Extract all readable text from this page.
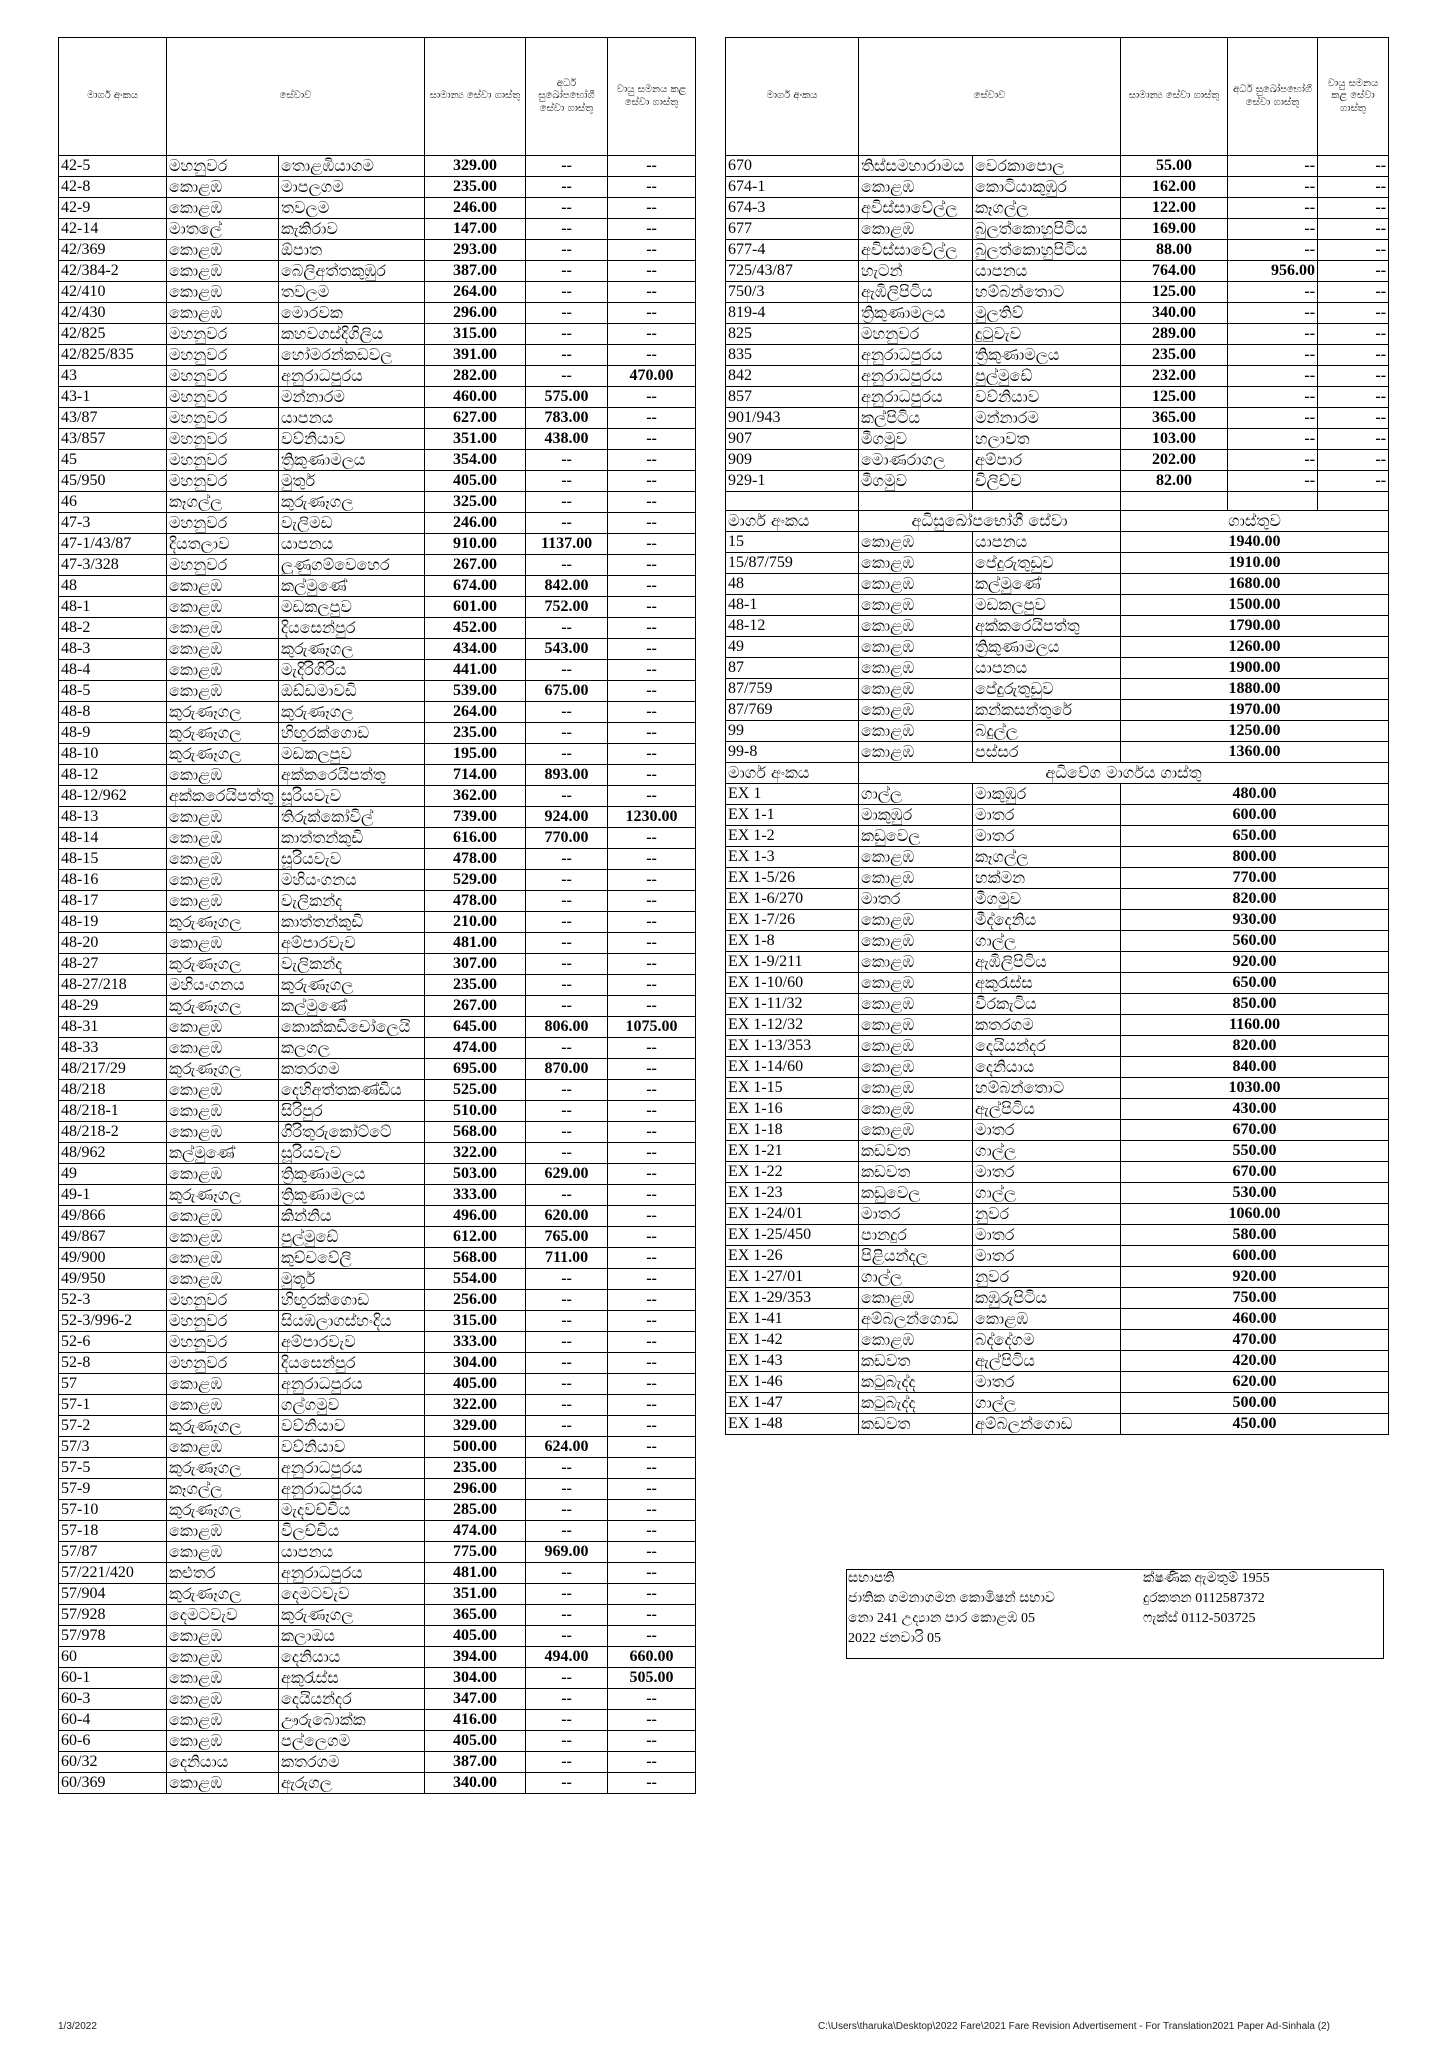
මාර්ග අංකය	සේවාව		සාමාන්‍ය සේවා ගාස්තු	අර්ධ සුඛෝපභෝගී සේවා ගාස්තු	වායු සමනය කළ සේවා ගාස්තු
42-5	මහනුවර	තොළඹියාගම	329.00	--	--
42-8	කොළඹ	මාපලගම	235.00	--	--
42-9	කොළඹ	තවලම	246.00	--	--
42-14	මාතලේ	කැකිරාව	147.00	--	--
42/369	කොළඹ	ඕපාත	293.00	--	--
42/384-2	කොළඹ	බෙලිඅත්තකුඹුර	387.00	--	--
42/410	කොළඹ	තවලම	264.00	--	--
42/430	කොළඹ	මොරවක	296.00	--	--
42/825	මහනුවර	කහවගස්දිගිලිය	315.00	--	--
42/825/835	මහනුවර	හෝමරන්කඩවල	391.00	--	--
43	මහනුවර	අනුරාධපුරය	282.00	--	470.00
43-1	මහනුවර	මන්නාරම	460.00	575.00	--
43/87	මහනුවර	යාපනය	627.00	783.00	--
43/857	මහනුවර	වව්නියාව	351.00	438.00	--
45	මහනුවර	ත්‍රිකුණාමලය	354.00	--	--
45/950	මහනුවර	මුතුර්	405.00	--	--
46	කෑගල්ල	කුරුණෑගල	325.00	--	--
47-3	මහනුවර	වැලිමඩ	246.00	--	--
47-1/43/87	දියතලාව	යාපනය	910.00	1137.00	--
47-3/328	මහනුවර	ලුණුගම්වෙහෙර	267.00	--	--
48	කොළඹ	කල්මුණේ	674.00	842.00	--
48-1	කොළඹ	මඩකලපුව	601.00	752.00	--
48-2	කොළඹ	දියසෙන්පුර	452.00	--	--
48-3	කොළඹ	කුරුණෑගල	434.00	543.00	--
48-4	කොළඹ	මැදිරිගිරිය	441.00	--	--
48-5	කොළඹ	ඔඩ්ඩමාවඩි	539.00	675.00	--
48-8	කුරුණෑගල	කුරුණෑගල	264.00	--	--
48-9	කුරුණෑගල	හිඟුරක්ගොඩ	235.00	--	--
48-10	කුරුණෑගල	මඩකලපුව	195.00	--	--
48-12	කොළඹ	අක්කරෙයිපත්තු	714.00	893.00	--
48-12/962	අක්කරෙයිපත්තු	සූරියවැව	362.00	--	--
48-13	කොළඹ	තිරුක්කෝවිල්	739.00	924.00	1230.00
48-14	කොළඹ	කාත්තන්කුඩි	616.00	770.00	--
48-15	කොළඹ	සූරියවැව	478.00	--	--
48-16	කොළඹ	මහියංගනය	529.00	--	--
48-17	කොළඹ	වැලිකන්ද	478.00	--	--
48-19	කුරුණෑගල	කාත්තන්කුඩි	210.00	--	--
48-20	කොළඹ	අම්පාරවැව	481.00	--	--
48-27	කුරුණෑගල	වැලිකන්ද	307.00	--	--
48-27/218	මහියංගනය	කුරුණෑගල	235.00	--	--
48-29	කුරුණෑගල	කල්මුණේ	267.00	--	--
48-31	කොළඹ	කොක්කඩිචෝලෙයි	645.00	806.00	1075.00
48-33	කොළඹ	කලගල	474.00	--	--
48/217/29	කුරුණෑගල	කතරගම	695.00	870.00	--
48/218	කොළඹ	දෙහිඅත්තකණ්ඩිය	525.00	--	--
48/218-1	කොළඹ	සිරිපුර	510.00	--	--
48/218-2	කොළඹ	ගිරිතුරුකෝට්ටේ	568.00	--	--
48/962	කල්මුණේ	සූරියවැව	322.00	--	--
49	කොළඹ	ත්‍රිකුණාමලය	503.00	629.00	--
49-1	කුරුණෑගල	ත්‍රිකුණාමලය	333.00	--	--
49/866	කොළඹ	කින්නිය	496.00	620.00	--
49/867	කොළඹ	පුල්මුඩේ	612.00	765.00	--
49/900	කොළඹ	කුච්චවේලි	568.00	711.00	--
49/950	කොළඹ	මුතූර්	554.00	--	--
52-3	මහනුවර	හිඟුරක්ගොඩ	256.00	--	--
52-3/996-2	මහනුවර	සියඹලාගස්හංදිය	315.00	--	--
52-6	මහනුවර	අම්පාරවැව	333.00	--	--
52-8	මහනුවර	දියසෙන්පුර	304.00	--	--
57	කොළඹ	අනුරාධපුරය	405.00	--	--
57-1	කොළඹ	ගල්ගමුව	322.00	--	--
57-2	කුරුණෑගල	වව්නියාව	329.00	--	--
57/3	කොළඹ	වව්නියාව	500.00	624.00	--
57-5	කුරුණෑගල	අනුරාධපුරය	235.00	--	--
57-9	කෑගල්ල	අනුරාධපුරය	296.00	--	--
57-10	කුරුණෑගල	මැදවච්චිය	285.00	--	--
57-18	කොළඹ	විලච්චිය	474.00	--	--
57/87	කොළඹ	යාපනය	775.00	969.00	--
57/221/420	කළුතර	අනුරාධපුරය	481.00	--	--
57/904	කුරුණෑගල	දෙමටවැව	351.00	--	--
57/928	දෙමටවැව	කුරුණෑගල	365.00	--	--
57/978	කොළඹ	කලාඔය	405.00	--	--
60	කොළඹ	දෙනියාය	394.00	494.00	660.00
60-1	කොළඹ	අකුරැස්ස	304.00	--	505.00
60-3	කොළඹ	දෙයියන්දර	347.00	--	--
60-4	කොළඹ	ඌරුබොක්ක	416.00	--	--
60-6	කොළඹ	පල්ලෙගම	405.00	--	--
60/32	දෙනියාය	කතරගම	387.00	--	--
60/369	කොළඹ	ඇරුගල	340.00	--	--
මාර්ග අංකය	සේවාව		සාමාන්‍ය සේවා ගාස්තු	අර්ධ සුඛෝපභෝගී සේවා ගාස්තු	වායු සමනය කළ සේවා ගාස්තු
670	තිස්සමහාරාමය	වෙරකාපොල	55.00	--	--
674-1	කොළඹ	කොටියාකුඹුර	162.00	--	--
674-3	අවිස්සාවේල්ල	කෑගල්ල	122.00	--	--
677	කොළඹ	බුලත්කොහුපිටිය	169.00	--	--
677-4	අවිස්සාවේල්ල	බුලත්කොහුපිටිය	88.00	--	--
725/43/87	හැටන්	යාපනය	764.00	956.00	--
750/3	ඇඹිලිපිටිය	හම්බන්තොට	125.00	--	--
819-4	ත්‍රිකුණාමලය	මුලතිව්	340.00	--	--
825	මහනුවර	දුටුවැව	289.00	--	--
835	අනුරාධපුරය	ත්‍රිකුණාමලය	235.00	--	--
842	අනුරාධපුරය	පුල්මුඩේ	232.00	--	--
857	අනුරාධපුරය	වව්නියාව	125.00	--	--
901/943	කල්පිටිය	මන්නාරම	365.00	--	--
907	මීගමුව	හලාවත	103.00	--	--
909	මොණරාගල	අම්පාර	202.00	--	--
929-1	මීගමුව	චිලිච්ච	82.00	--	--

මාර්ග අංකය	අධිසුඛෝපභෝගී සේවා		ගාස්තුව		
15	කොළඹ	යාපනය	1940.00		
15/87/759	කොළඹ	පේදුරුතුඩුව	1910.00		
48	කොළඹ	කල්මුණේ	1680.00		
48-1	කොළඹ	මඩකලපුව	1500.00		
48-12	කොළඹ	අක්කරෙයිපත්තු	1790.00		
49	කොළඹ	ත්‍රිකුණාමලය	1260.00		
87	කොළඹ	යාපනය	1900.00		
87/759	කොළඹ	පේදුරුතුඩුව	1880.00		
87/769	කොළඹ	කන්කසන්තුරේ	1970.00		
99	කොළඹ	බදුල්ල	1250.00		
99-8	කොළඹ	පස්සර	1360.00		
මාර්ග අංකය	අධිවේග මාර්ගය ගාස්තු				
EX 1	ගාල්ල	මාකුඹුර	480.00		
EX 1-1	මාකුඹුර	මාතර	600.00		
EX 1-2	කඩුවෙල	මාතර	650.00		
EX 1-3	කොළඹ	කෑගල්ල	800.00		
EX 1-5/26	කොළඹ	හක්මන	770.00		
EX 1-6/270	මාතර	මීගමුව	820.00		
EX 1-7/26	කොළඹ	මීද්දෙනිය	930.00		
EX 1-8	කොළඹ	ගාල්ල	560.00		
EX 1-9/211	කොළඹ	ඇඹිලිපිටිය	920.00		
EX 1-10/60	කොළඹ	අකුරැස්ස	650.00		
EX 1-11/32	කොළඹ	වීරකැටිය	850.00		
EX 1-12/32	කොළඹ	කතරගම	1160.00		
EX 1-13/353	කොළඹ	දෙයියන්දර	820.00		
EX 1-14/60	කොළඹ	දෙනියාය	840.00		
EX 1-15	කොළඹ	හම්බන්තොට	1030.00		
EX 1-16	කොළඹ	ඇල්පිටිය	430.00		
EX 1-18	කොළඹ	මාතර	670.00		
EX 1-21	කඩවත	ගාල්ල	550.00		
EX 1-22	කඩවත	මාතර	670.00		
EX 1-23	කඩුවෙල	ගාල්ල	530.00		
EX 1-24/01	මාතර	නුවර	1060.00		
EX 1-25/450	පානදුර	මාතර	580.00		
EX 1-26	පිළියන්දල	මාතර	600.00		
EX 1-27/01	ගාල්ල	නුවර	920.00		
EX 1-29/353	කොළඹ	කඹුරුපිටිය	750.00		
EX 1-41	අම්බලන්ගොඩ	කොළඹ	460.00		
EX 1-42	කොළඹ	බද්දේගම	470.00		
EX 1-43	කඩවත	ඇල්පිටිය	420.00		
EX 1-46	කටුබැද්ද	මාතර	620.00		
EX 1-47	කටුබැද්ද	ගාල්ල	500.00		
EX 1-48	කඩවත	අම්බලන්ගොඩ	450.00		
සභාපති	ක්ෂණික ඇමතුම් 1955
ජාතික ගමනාගමන කොමිෂන් සභාව	දුරකතන 0112587372
නො 241 උද්‍යාන පාර කොළඹ 05	ෆැක්ස් 0112-503725
2022 ජනවාරි 05	
1/3/2022	C:\Users\tharuka\Desktop\2022 Fare\2021 Fare Revision Advertisement - For Translation2021 Paper Ad-Sinhala (2)
